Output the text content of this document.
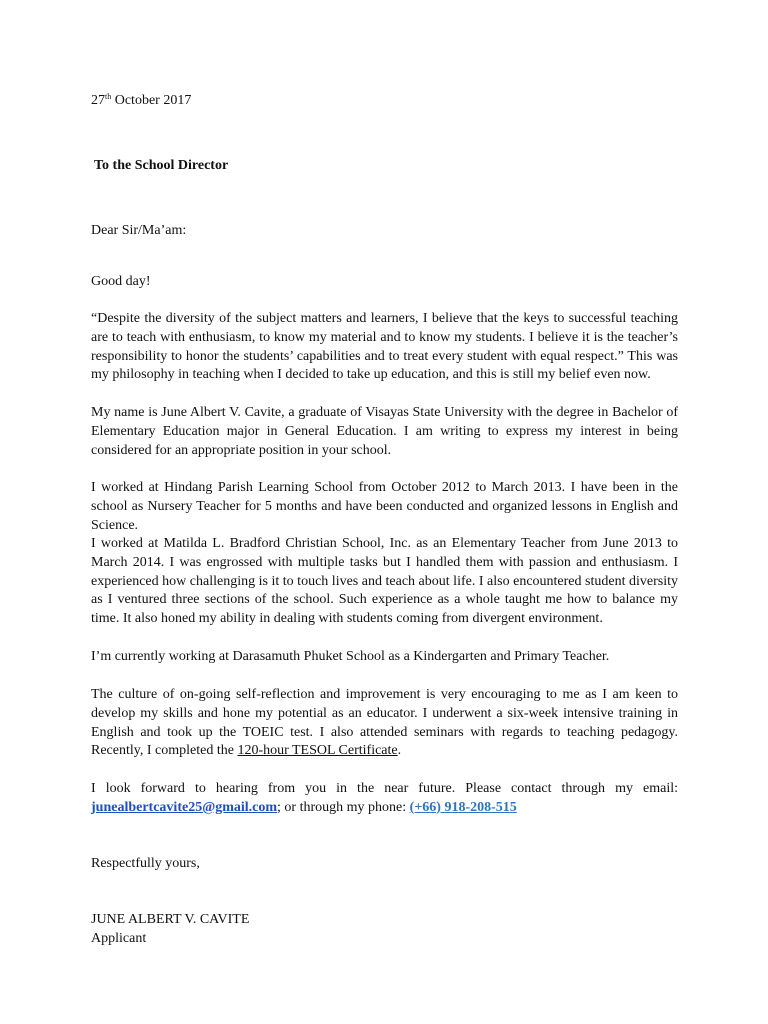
27th October 2017

To the School Director

Dear Sir/Ma’am:

Good day!

“Despite the diversity of the subject matters and learners, I believe that the keys to successful teaching are to teach with enthusiasm, to know my material and to know my students. I believe it is the teacher’s responsibility to honor the students’ capabilities and to treat every student with equal respect.” This was my philosophy in teaching when I decided to take up education, and this is still my belief even now.

My name is June Albert V. Cavite, a graduate of Visayas State University with the degree in Bachelor of Elementary Education major in General Education. I am writing to express my interest in being considered for an appropriate position in your school.

I worked at Hindang Parish Learning School from October 2012 to March 2013. I have been in the school as Nursery Teacher for 5 months and have been conducted and organized lessons in English and Science.

I worked at Matilda L. Bradford Christian School, Inc. as an Elementary Teacher from June 2013 to March 2014. I was engrossed with multiple tasks but I handled them with passion and enthusiasm. I experienced how challenging is it to touch lives and teach about life. I also encountered student diversity as I ventured three sections of the school. Such experience as a whole taught me how to balance my time. It also honed my ability in dealing with students coming from divergent environment.

I’m currently working at Darasamuth Phuket School as a Kindergarten and Primary Teacher.

The culture of on-going self-reflection and improvement is very encouraging to me as I am keen to develop my skills and hone my potential as an educator. I underwent a six-week intensive training in English and took up the TOEIC test. I also attended seminars with regards to teaching pedagogy. Recently, I completed the 120-hour TESOL Certificate.

I look forward to hearing from you in the near future. Please contact through my email: junealbertcavite25@gmail.com; or through my phone: (+66) 918-208-515

Respectfully yours,

JUNE ALBERT V. CAVITE

Applicant
